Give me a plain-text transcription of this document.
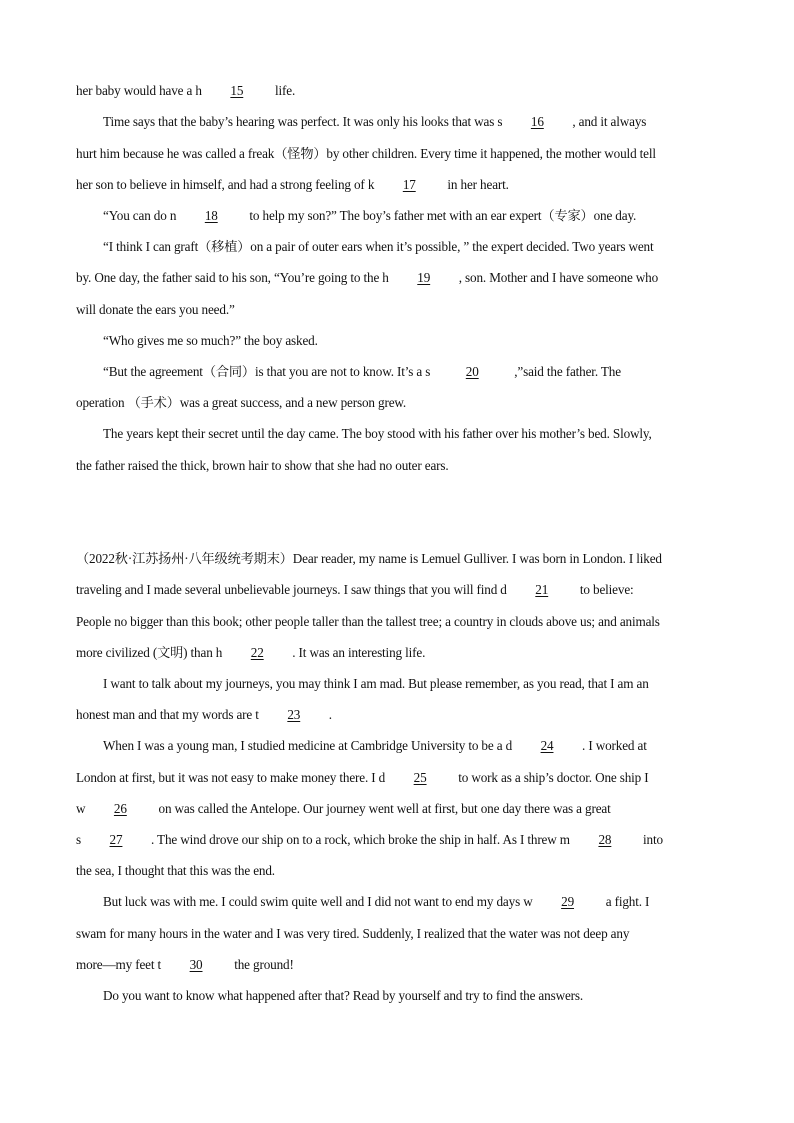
her baby would have a h 15 life.
Time says that the baby’s hearing was perfect. It was only his looks that was s 16 , and it always
hurt him because he was called a freak（怪物）by other children. Every time it happened, the mother would tell
her son to believe in himself, and had a strong feeling of k 17 in her heart.
“You can do n 18 to help my son?” The boy’s father met with an ear expert（专家）one day.
“I think I can graft（移植）on a pair of outer ears when it’s possible, ” the expert decided. Two years went
by. One day, the father said to his son, “You’re going to the h 19 , son. Mother and I have someone who
will donate the ears you need.”
“Who gives me so much?” the boy asked.
“But the agreement（合同）is that you are not to know. It’s a s	20	,”said the father. The
operation （手术）was a great success, and a new person grew.
The years kept their secret until the day came. The boy stood with his father over his mother’s bed. Slowly,
the father raised the thick, brown hair to show that she had no outer ears.
（2022秋·江苏扬州·八年级统考期末）Dear reader, my name is Lemuel Gulliver. I was born in London. I liked
traveling and I made several unbelievable journeys. I saw things that you will find d 21 to believe:
People no bigger than this book; other people taller than the tallest tree; a country in clouds above us; and animals
more civilized (文明) than h 22 . It was an interesting life.
I want to talk about my journeys, you may think I am mad. But please remember, as you read, that I am an
honest man and that my words are t 23 .
When I was a young man, I studied medicine at Cambridge University to be a d 24 . I worked at
London at first, but it was not easy to make money there. I d 25 to work as a ship’s doctor. One ship I
w 26 on was called the Antelope. Our journey went well at first, but one day there was a great
s 27 . The wind drove our ship on to a rock, which broke the ship in half. As I threw m 28 into
the sea, I thought that this was the end.
But luck was with me. I could swim quite well and I did not want to end my days w 29 a fight. I
swam for many hours in the water and I was very tired. Suddenly, I realized that the water was not deep any
more—my feet t 30 the ground!
Do you want to know what happened after that? Read by yourself and try to find the answers.
